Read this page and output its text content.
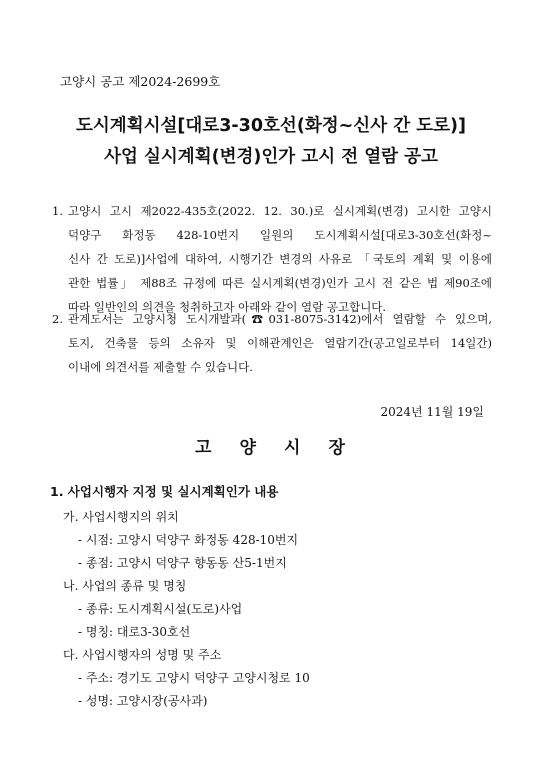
고양시 공고 제2024-2699호
도시계획시설[대로3-30호선(화정~신사 간 도로)]
사업 실시계획(변경)인가 고시 전 열람 공고
1. 고양시 고시 제2022-435호(2022. 12. 30.)로 실시계획(변경) 고시한 고양시
덕양구 화정동 428-10번지 일원의 도시계획시설[대로3-30호선(화정~
신사 간 도로)]사업에 대하여, 시행기간 변경의 사유로 「국토의 계획 및 이용에
관한 법률」 제88조 규정에 따른 실시계획(변경)인가 고시 전 같은 법 제90조에
따라 일반인의 의견을 청취하고자 아래와 같이 열람 공고합니다.
2. 관계도서는 고양시청 도시개발과(☎031-8075-3142)에서 열람할 수 있으며,
토지, 건축물 등의 소유자 및 이해관계인은 열람기간(공고일로부터 14일간)
이내에 의견서를 제출할 수 있습니다.
2024년 11월 19일
고 양 시 장
1. 사업시행자 지정 및 실시계획인가 내용
가. 사업시행지의 위치
- 시점: 고양시 덕양구 화정동 428-10번지
- 종점: 고양시 덕양구 향동동 산5-1번지
나. 사업의 종류 및 명칭
- 종류: 도시계획시설(도로)사업
- 명칭: 대로3-30호선
다. 사업시행자의 성명 및 주소
- 주소: 경기도 고양시 덕양구 고양시청로 10
- 성명: 고양시장(공사과)
